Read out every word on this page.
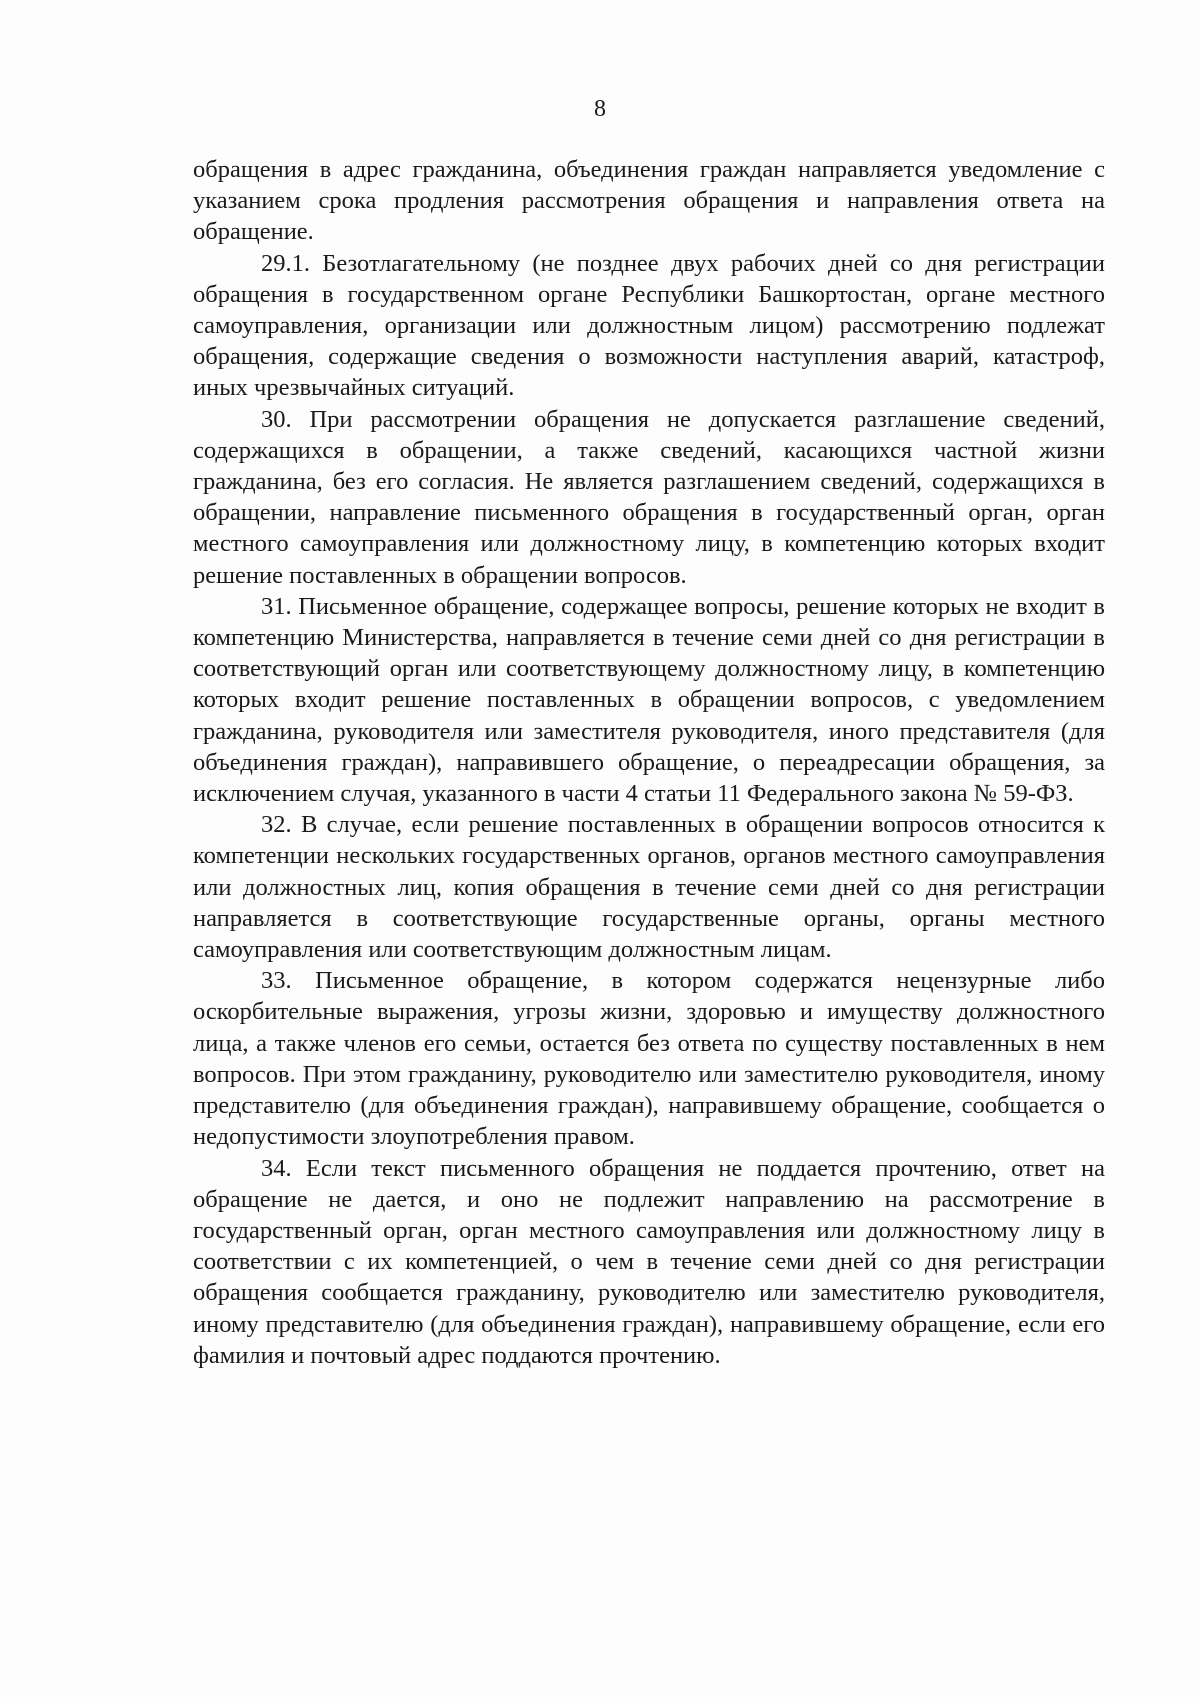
8

обращения в адрес гражданина, объединения граждан направляется уведомление с указанием срока продления рассмотрения обращения и направления ответа на обращение.

29.1. Безотлагательному (не позднее двух рабочих дней со дня регистрации обращения в государственном органе Республики Башкортостан, органе местного самоуправления, организации или должностным лицом) рассмотрению подлежат обращения, содержащие сведения о возможности наступления аварий, катастроф, иных чрезвычайных ситуаций.

30. При рассмотрении обращения не допускается разглашение сведений, содержащихся в обращении, а также сведений, касающихся частной жизни гражданина, без его согласия. Не является разглашением сведений, содержащихся в обращении, направление письменного обращения в государственный орган, орган местного самоуправления или должностному лицу, в компетенцию которых входит решение поставленных в обращении вопросов.

31. Письменное обращение, содержащее вопросы, решение которых не входит в компетенцию Министерства, направляется в течение семи дней со дня регистрации в соответствующий орган или соответствующему должностному лицу, в компетенцию которых входит решение поставленных в обращении вопросов, с уведомлением гражданина, руководителя или заместителя руководителя, иного представителя (для объединения граждан), направившего обращение, о переадресации обращения, за исключением случая, указанного в части 4 статьи 11 Федерального закона № 59-ФЗ.

32. В случае, если решение поставленных в обращении вопросов относится к компетенции нескольких государственных органов, органов местного самоуправления или должностных лиц, копия обращения в течение семи дней со дня регистрации направляется в соответствующие государственные органы, органы местного самоуправления или соответствующим должностным лицам.

33. Письменное обращение, в котором содержатся нецензурные либо оскорбительные выражения, угрозы жизни, здоровью и имуществу должностного лица, а также членов его семьи, остается без ответа по существу поставленных в нем вопросов. При этом гражданину, руководителю или заместителю руководителя, иному представителю (для объединения граждан), направившему обращение, сообщается о недопустимости злоупотребления правом.

34. Если текст письменного обращения не поддается прочтению, ответ на обращение не дается, и оно не подлежит направлению на рассмотрение в государственный орган, орган местного самоуправления или должностному лицу в соответствии с их компетенцией, о чем в течение семи дней со дня регистрации обращения сообщается гражданину, руководителю или заместителю руководителя, иному представителю (для объединения граждан), направившему обращение, если его фамилия и почтовый адрес поддаются прочтению.
